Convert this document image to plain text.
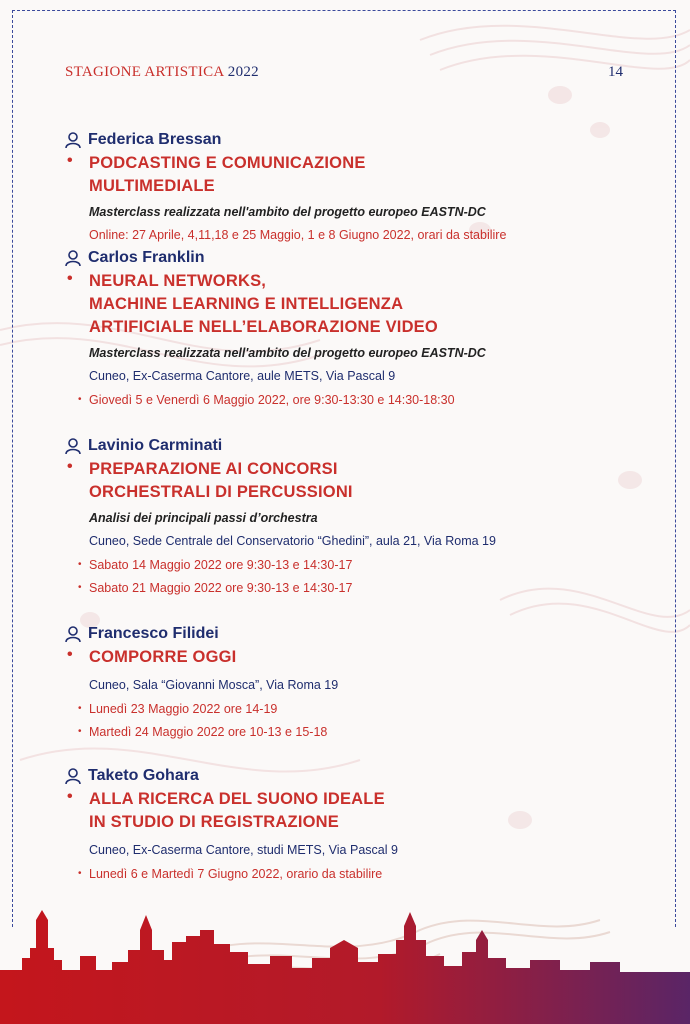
STAGIONE ARTISTICA 2022	14
Federica Bressan
• PODCASTING E COMUNICAZIONE
MULTIMEDIALE
Masterclass realizzata nell'ambito del progetto europeo EASTN-DC
Online: 27 Aprile, 4,11,18 e 25 Maggio, 1 e 8 Giugno 2022, orari da stabilire
Carlos Franklin
• NEURAL NETWORKS,
MACHINE LEARNING E INTELLIGENZA
ARTIFICIALE NELL’ELABORAZIONE VIDEO
Masterclass realizzata nell'ambito del progetto europeo EASTN-DC
Cuneo, Ex-Caserma Cantore, aule METS, Via Pascal 9
• Giovedì 5 e Venerdì 6 Maggio 2022, ore 9:30-13:30 e 14:30-18:30
Lavinio Carminati
• PREPARAZIONE AI CONCORSI
ORCHESTRALI DI PERCUSSIONI
Analisi dei principali passi d’orchestra
Cuneo, Sede Centrale del Conservatorio “Ghedini”, aula 21, Via Roma 19
• Sabato 14 Maggio 2022 ore 9:30-13 e 14:30-17
• Sabato 21 Maggio 2022 ore 9:30-13 e 14:30-17
Francesco Filidei
• COMPORRE OGGI
Cuneo, Sala “Giovanni Mosca”, Via Roma 19
• Lunedì 23 Maggio 2022 ore 14-19
• Martedì 24 Maggio 2022 ore 10-13 e 15-18
Taketo Gohara
• ALLA RICERCA DEL SUONO IDEALE
IN STUDIO DI REGISTRAZIONE
Cuneo, Ex-Caserma Cantore, studi METS, Via Pascal 9
• Lunedì 6 e Martedì 7 Giugno 2022, orario da stabilire
